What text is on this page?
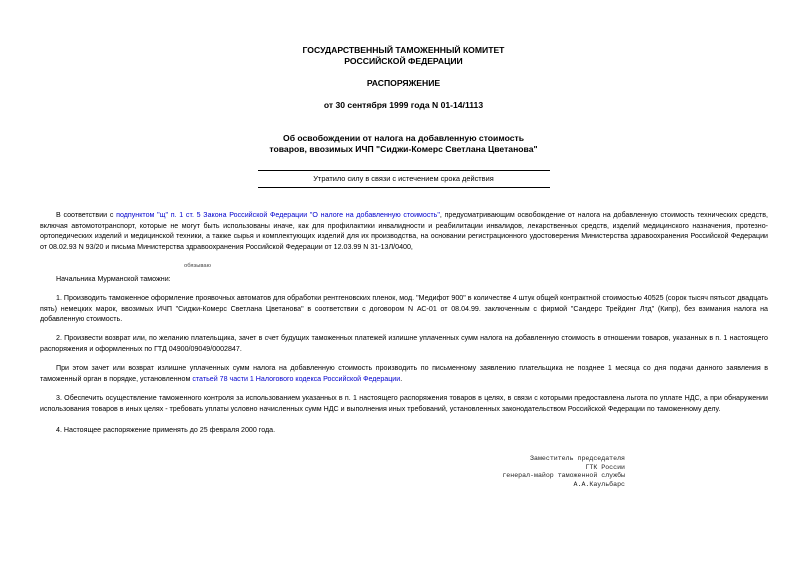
ГОСУДАРСТВЕННЫЙ ТАМОЖЕННЫЙ КОМИТЕТ
РОССИЙСКОЙ ФЕДЕРАЦИИ
РАСПОРЯЖЕНИЕ
от 30 сентября 1999 года N 01-14/1113
Об освобождении от налога на добавленную стоимость
товаров, ввозимых ИЧП "Сиджи-Комерс Светлана Цветанова"
Утратило силу в связи с истечением срока действия
В соответствии с подпунктом "щ" п. 1 ст. 5 Закона Российской Федерации "О налоге на добавленную стоимость", предусматривающим освобождение от налога на добавленную стоимость технических средств, включая автомототранспорт, которые не могут быть использованы иначе, как для профилактики инвалидности и реабилитации инвалидов, лекарственных средств, изделий медицинского назначения, протезно-ортопедических изделий и медицинской техники, а также сырья и комплектующих изделий для их производства, на основании регистрационного удостоверения Министерства здравоохранения Российской Федерации от 08.02.93 N 93/20 и письма Министерства здравоохранения Российской Федерации от 12.03.99 N 31-13Л/0400,
обязываю
Начальника Мурманской таможни:
1. Производить таможенное оформление проявочных автоматов для обработки рентгеновских пленок, мод. "Медифот 900" в количестве 4 штук общей контрактной стоимостью 40525 (сорок тысяч пятьсот двадцать пять) немецких марок, ввозимых ИЧП "Сиджи-Комерс Светлана Цветанова" в соответствии с договором N АС-01 от 08.04.99. заключенным с фирмой "Сандерс Трейдинг Лтд" (Кипр), без взимания налога на добавленную стоимость.
2. Произвести возврат или, по желанию плательщика, зачет в счет будущих таможенных платежей излишне уплаченных сумм налога на добавленную стоимость в отношении товаров, указанных в п. 1 настоящего распоряжения и оформленных по ГТД 04900/09049/0002847.
При этом зачет или возврат излишне уплаченных сумм налога на добавленную стоимость производить по письменному заявлению плательщика не позднее 1 месяца со дня подачи данного заявления в таможенный орган в порядке, установленном статьей 78 части 1 Налогового кодекса Российской Федерации.
3. Обеспечить осуществление таможенного контроля за использованием указанных в п. 1 настоящего распоряжения товаров в целях, в связи с которыми предоставлена льгота по уплате НДС, а при обнаружении использования товаров в иных целях - требовать уплаты условно начисленных сумм НДС и выполнения иных требований, установленных законодательством Российской Федерации по таможенному делу.
4. Настоящее распоряжение применять до 25 февраля 2000 года.
Заместитель председателя
ГТК России
генерал-майор таможенной службы
А.А.Каульбарс
